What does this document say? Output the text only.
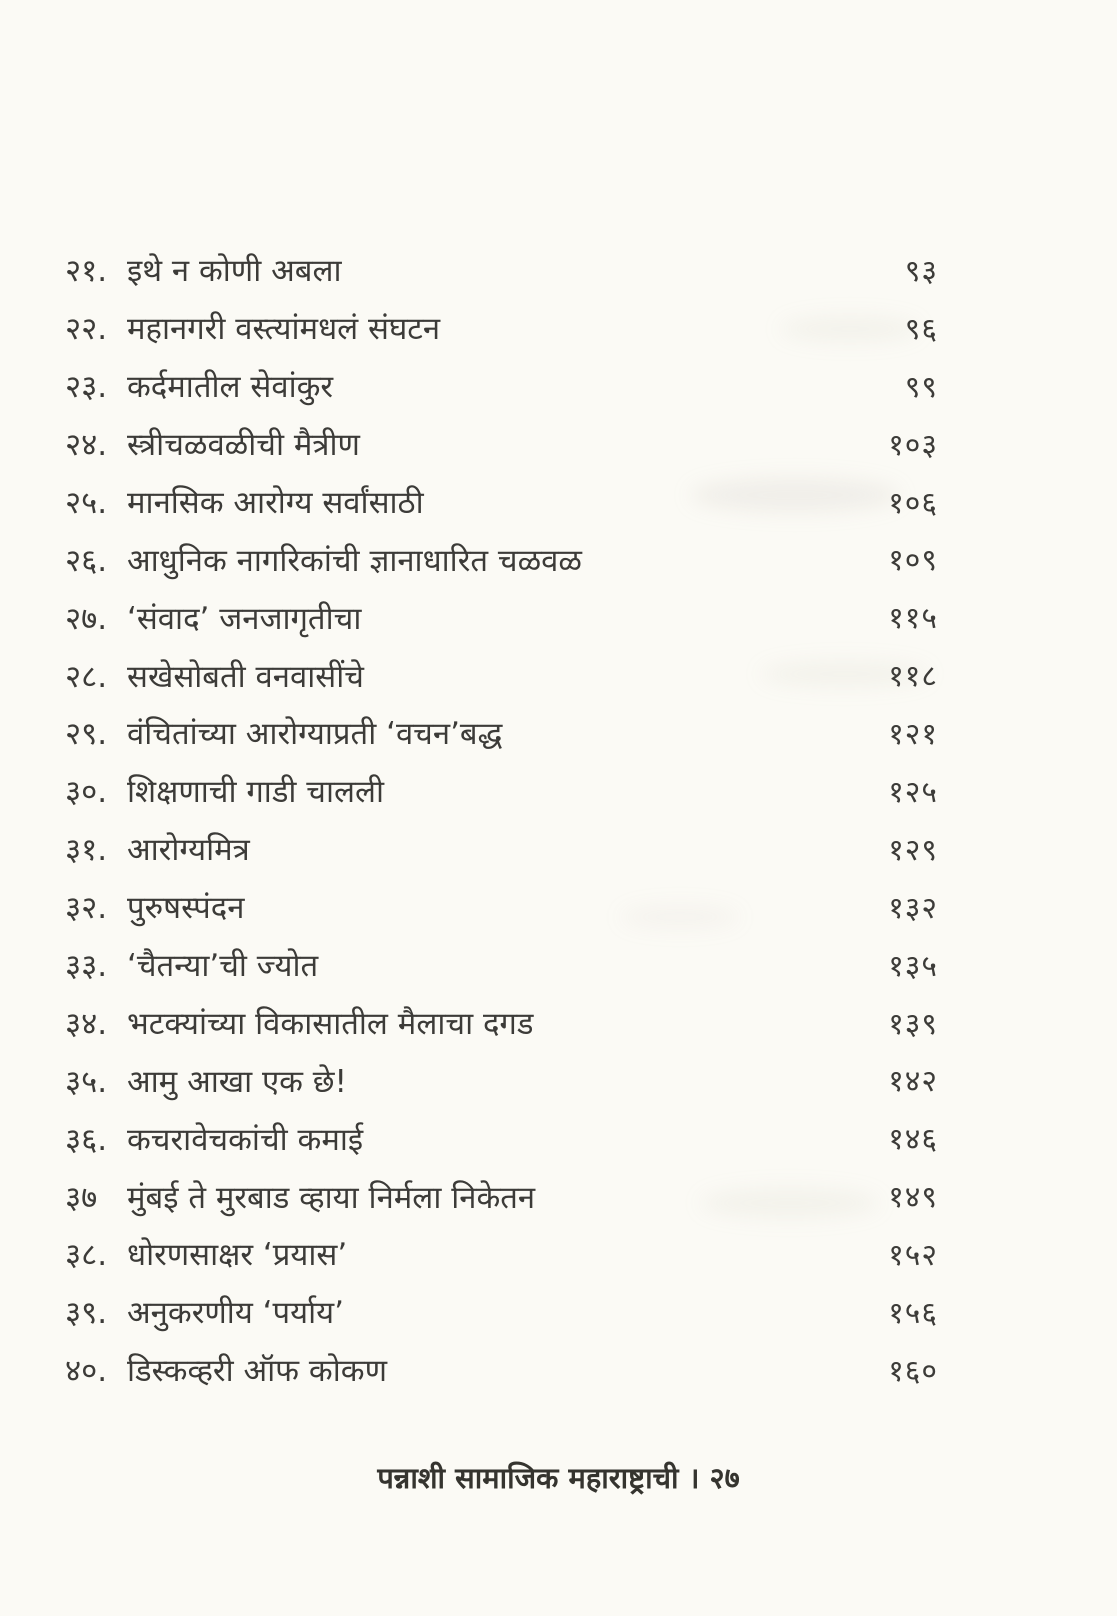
२१. इथे न कोणी अबला	९३
२२. महानगरी वस्त्यांमधलं संघटन	९६
२३. कर्दमातील सेवांकुर	९९
२४. स्त्रीचळवळीची मैत्रीण	१०३
२५. मानसिक आरोग्य सर्वांसाठी	१०६
२६. आधुनिक नागरिकांची ज्ञानाधारित चळवळ	१०९
२७. ‘संवाद’ जनजागृतीचा	११५
२८. सखेसोबती वनवासींचे	११८
२९. वंचितांच्या आरोग्याप्रती ‘वचन’बद्ध	१२१
३०. शिक्षणाची गाडी चालली	१२५
३१. आरोग्यमित्र	१२९
३२. पुरुषस्पंदन	१३२
३३. ‘चैतन्या’ची ज्योत	१३५
३४. भटक्यांच्या विकासातील मैलाचा दगड	१३९
३५. आमु आखा एक छे!	१४२
३६. कचरावेचकांची कमाई	१४६
३७ मुंबई ते मुरबाड व्हाया निर्मला निकेतन	१४९
३८. धोरणसाक्षर ‘प्रयास’	१५२
३९. अनुकरणीय ‘पर्याय’	१५६
४०. डिस्कव्हरी ऑफ कोकण	१६०
पन्नाशी सामाजिक महाराष्ट्राची । २७
